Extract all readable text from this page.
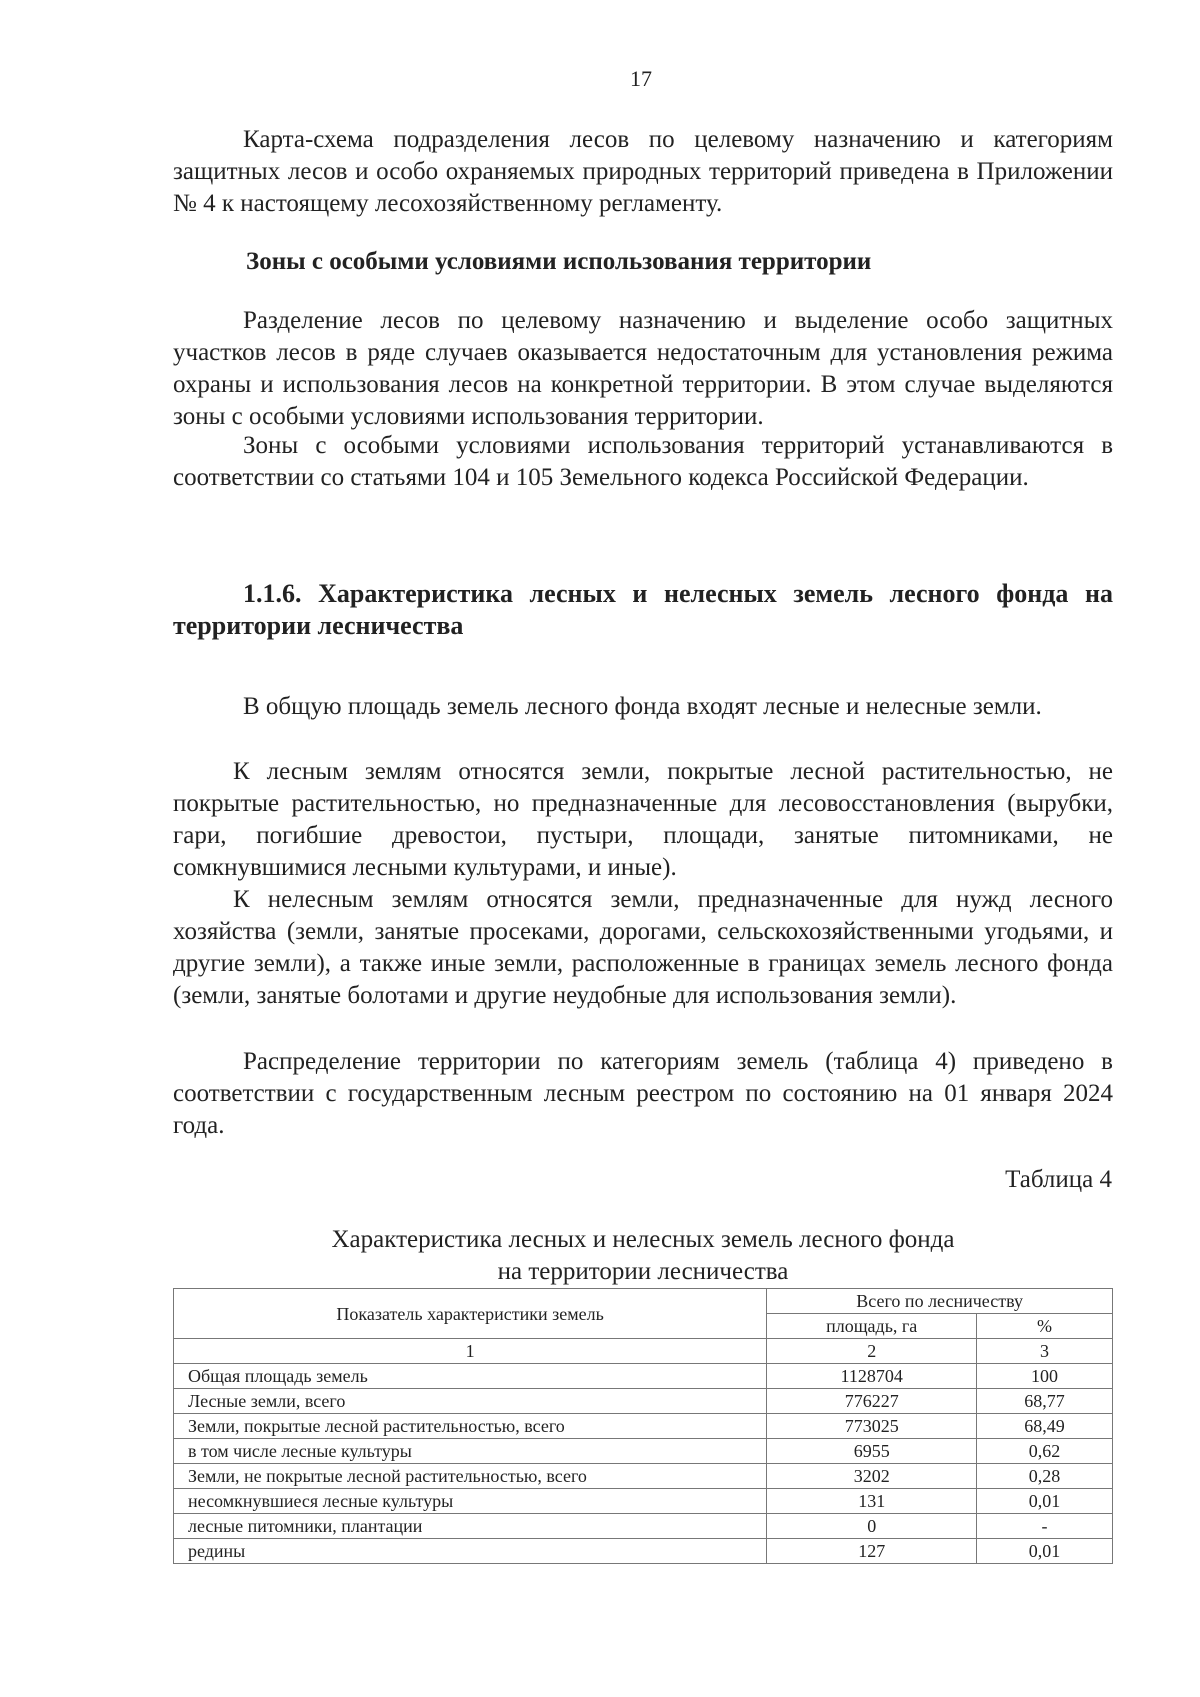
17
Карта-схема подразделения лесов по целевому назначению и категориям защитных лесов и особо охраняемых природных территорий приведена в Приложении № 4 к настоящему лесохозяйственному регламенту.
Зоны с особыми условиями использования территории
Разделение лесов по целевому назначению и выделение особо защитных участков лесов в ряде случаев оказывается недостаточным для установления режима охраны и использования лесов на конкретной территории. В этом случае выделяются зоны с особыми условиями использования территории.
Зоны с особыми условиями использования территорий устанавливаются в соответствии со статьями 104 и 105 Земельного кодекса Российской Федерации.
1.1.6. Характеристика лесных и нелесных земель лесного фонда на территории лесничества
В общую площадь земель лесного фонда входят лесные и нелесные земли.
К лесным землям относятся земли, покрытые лесной растительностью, не покрытые растительностью, но предназначенные для лесовосстановления (вырубки, гари, погибшие древостои, пустыри, площади, занятые питомниками, не сомкнувшимися лесными культурами, и иные).
К нелесным землям относятся земли, предназначенные для нужд лесного хозяйства (земли, занятые просеками, дорогами, сельскохозяйственными угодьями, и другие земли), а также иные земли, расположенные в границах земель лесного фонда (земли, занятые болотами и другие неудобные для использования земли).
Распределение территории по категориям земель (таблица 4) приведено в соответствии с государственным лесным реестром по состоянию на 01 января 2024 года.
Таблица 4
Характеристика лесных и нелесных земель лесного фонда
на территории лесничества
Показатель характеристики земель	Всего по лесничеству	
	площадь, га	%
1	2	3
Общая площадь земель	1128704	100
Лесные земли, всего	776227	68,77
Земли, покрытые лесной растительностью, всего	773025	68,49
в том числе лесные культуры	6955	0,62
Земли, не покрытые лесной растительностью, всего	3202	0,28
несомкнувшиеся лесные культуры	131	0,01
лесные питомники, плантации	0	-
редины	127	0,01
